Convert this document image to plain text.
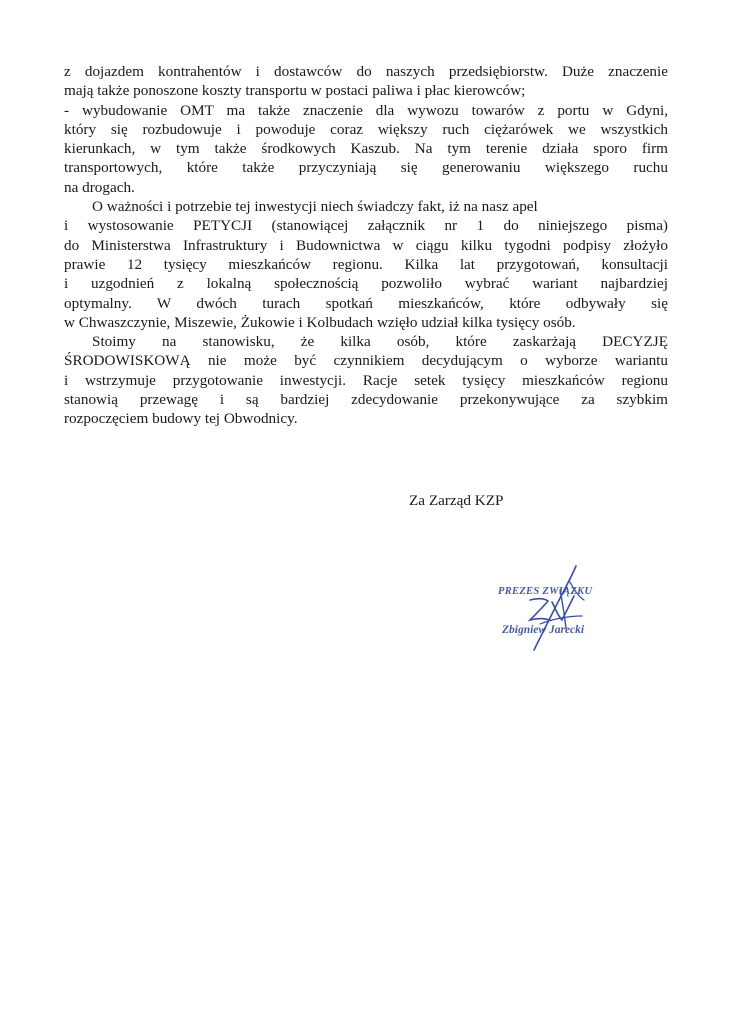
z dojazdem kontrahentów i dostawców do naszych przedsiębiorstw. Duże znaczenie
mają także ponoszone koszty transportu w postaci paliwa i płac kierowców;
- wybudowanie OMT ma także znaczenie dla wywozu towarów z portu w Gdyni,
który się rozbudowuje i powoduje coraz większy ruch ciężarówek we wszystkich
kierunkach, w tym także środkowych Kaszub. Na tym terenie działa sporo firm
transportowych, które także przyczyniają się generowaniu większego ruchu
na drogach.
O ważności i potrzebie tej inwestycji niech świadczy fakt, iż na nasz apel
i wystosowanie PETYCJI (stanowiącej załącznik nr 1 do niniejszego pisma)
do Ministerstwa Infrastruktury i Budownictwa w ciągu kilku tygodni podpisy złożyło
prawie 12 tysięcy mieszkańców regionu. Kilka lat przygotowań, konsultacji
i uzgodnień z lokalną społecznością pozwoliło wybrać wariant najbardziej
optymalny. W dwóch turach spotkań mieszkańców, które odbywały się
w Chwaszczynie, Miszewie, Żukowie i Kolbudach wzięło udział kilka tysięcy osób.
Stoimy na stanowisku, że kilka osób, które zaskarżają DECYZJĘ
ŚRODOWISKOWĄ nie może być czynnikiem decydującym o wyborze wariantu
i wstrzymuje przygotowanie inwestycji. Racje setek tysięcy mieszkańców regionu
stanowią przewagę i są bardziej zdecydowanie przekonywujące za szybkim
rozpoczęciem budowy tej Obwodnicy.
Za Zarząd KZP
PREZES ZWIĄZKU
Zbigniew Jarecki
